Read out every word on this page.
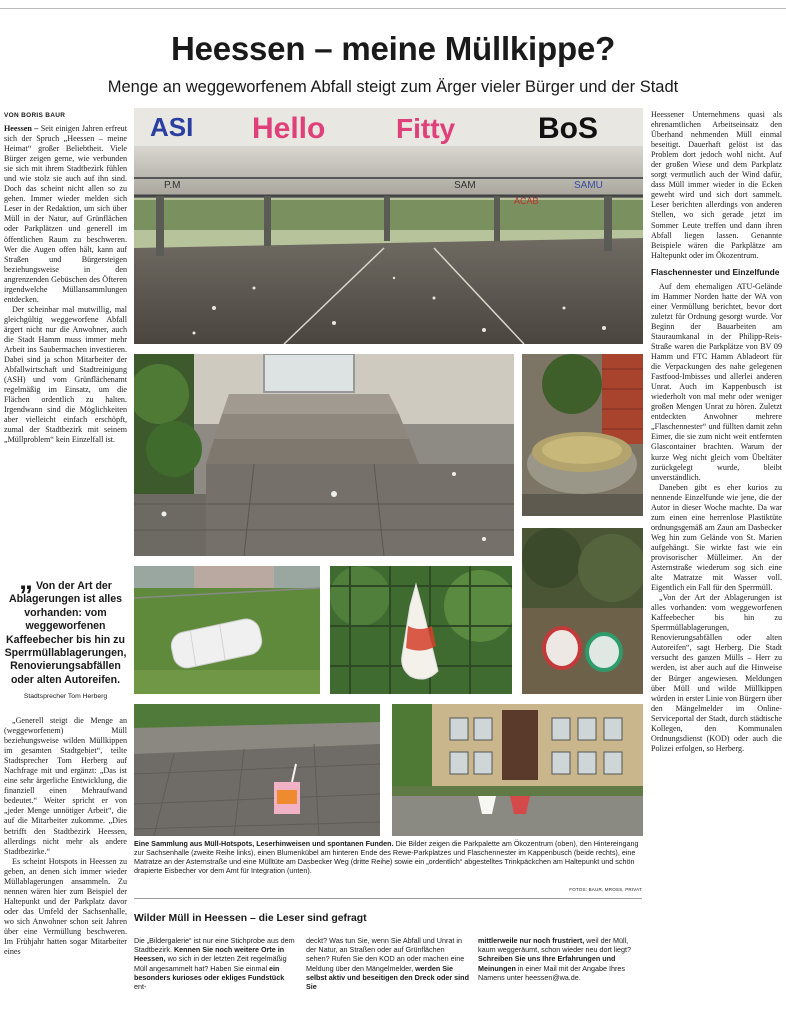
Heessen – meine Müllkippe?
Menge an weggeworfenem Abfall steigt zum Ärger vieler Bürger und der Stadt
VON BORIS BAUR

Heessen – Seit einigen Jahren erfreut sich der Spruch „Heessen – meine Heimat“ großer Beliebtheit. Viele Bürger zeigen gerne, wie verbunden sie sich mit ihrem Stadtbezirk fühlen und wie stolz sie auch auf ihn sind. Doch das scheint nicht allen so zu gehen. Immer wieder melden sich Leser in der Redaktion, um sich über Müll in der Natur, auf Grünflächen oder Parkplätzen und generell im öffentlichen Raum zu beschweren. Wer die Augen offen hält, kann auf Straßen und Bürgersteigen beziehungsweise in den angrenzenden Gebüschen des Öfteren irgendwelche Müllansammlungen entdecken.

Der scheinbar mal mutwillig, mal gleichgültig weggeworfene Abfall ärgert nicht nur die Anwohner, auch die Stadt Hamm muss immer mehr Arbeit ins Saubermachen investieren. Dabei sind ja schon Mitarbeiter der Abfallwirtschaft und Stadtreinigung (ASH) und vom Grünflächenamt regelmäßig im Einsatz, um die Flächen ordentlich zu halten. Irgendwann sind die Möglichkeiten aber vielleicht einfach erschöpft, zumal der Stadtbezirk mit seinem „Müllproblem“ kein Einzelfall ist.

„ Von der Art der Ablagerungen ist alles vorhanden: vom weggeworfenen Kaffeebecher bis hin zu Sperrmüllablagerungen, Renovierungsabfällen oder alten Autoreifen.
Stadtsprecher Tom Herberg

„Generell steigt die Menge an (weggeworfenem) Müll beziehungsweise wilden Müllkippen im gesamten Stadtgebiet“, teilte Stadtsprecher Tom Herberg auf Nachfrage mit und ergänzt: „Das ist eine sehr ärgerliche Entwicklung, die finanziell einen Mehraufwand bedeutet.“ Weiter spricht er von „jeder Menge unnötiger Arbeit“, die auf die Mitarbeiter zukomme. „Dies betrifft den Stadtbezirk Heessen, allerdings nicht mehr als andere Stadtbezirke.“

Es scheint Hotspots in Heessen zu geben, an denen sich immer wieder Müllablagerungen ansammeln. Zu nennen wären hier zum Beispiel der Haltepunkt und der Parkplatz davor oder das Umfeld der Sachsenhalle, wo sich Anwohner schon seit Jahren über eine Vermüllung beschweren. Im Frühjahr hatten sogar Mitarbeiter eines

ASI Hello	Fitty	BoS
P.M	SAM	SAMU
ACAB
Eine Sammlung aus Müll-Hotspots, Leserhinweisen und spontanen Funden. Die Bilder zeigen die Parkpalette am Ökozentrum (oben), den Hintereingang zur Sachsenhalle (zweite Reihe links), einen Blumenkübel am hinteren Ende des Rewe-Parkplatzes und Flaschennester im Kappenbusch (beide rechts), eine Matratze an der Asternstraße und eine Mülltüte am Dasbecker Weg (dritte Reihe) sowie ein „ordentlich“ abgestelltes Trinkpäckchen am Haltepunkt und schön drapierte Eisbecher vor dem Amt für Integration (unten).
FOTOS: BAUR, MROSS, PRIVAT
Wilder Müll in Heessen – die Leser sind gefragt
Die „Bildergalerie“ ist nur eine Stichprobe aus dem Stadtbezirk. Kennen Sie noch weitere Orte in Heessen, wo sich in der letzten Zeit regelmäßig Müll angesammelt hat? Haben Sie einmal ein besonders kurioses oder ekliges Fundstück ent-
deckt? Was tun Sie, wenn Sie Abfall und Unrat in der Natur, an Straßen oder auf Grünflächen sehen? Rufen Sie den KOD an oder machen eine Meldung über den Mängelmelder, werden Sie selbst aktiv und beseitigen den Dreck oder sind Sie
mittlerweile nur noch frustriert, weil der Müll, kaum weggeräumt, schon wieder neu dort liegt? Schreiben Sie uns Ihre Erfahrungen und Meinungen in einer Mail mit der Angabe Ihres Namens unter heessen@wa.de.

Heessener Unternehmens quasi als ehrenamtlichen Arbeitseinsatz den Überhand nehmenden Müll einmal beseitigt. Dauerhaft gelöst ist das Problem dort jedoch wohl nicht. Auf der großen Wiese und dem Parkplatz sorgt vermutlich auch der Wind dafür, dass Müll immer wieder in die Ecken geweht wird und sich dort sammelt. Leser berichten allerdings von anderen Stellen, wo sich gerade jetzt im Sommer Leute treffen und dann ihren Abfall liegen lassen. Genannte Beispiele wären die Parkplätze am Haltepunkt oder im Ökozentrum.

Flaschennester und Einzelfunde

Auf dem ehemaligen ATU-Gelände im Hammer Norden hatte der WA von einer Vermüllung berichtet, bevor dort zuletzt für Ordnung gesorgt wurde. Vor Beginn der Bauarbeiten am Stauraumkanal in der Philipp-Reis-Straße waren die Parkplätze von BV 09 Hamm und FTC Hamm Abladeort für die Verpackungen des nahe gelegenen Fastfood-Imbisses und allerlei anderen Unrat. Auch im Kappenbusch ist wiederholt von mal mehr oder weniger großen Mengen Unrat zu hören. Zuletzt entdeckten Anwohner mehrere „Flaschennester“ und füllten damit zehn Eimer, die sie zum nicht weit entfernten Glascontainer brachten. Warum der kurze Weg nicht gleich vom Übeltäter zurückgelegt wurde, bleibt unverständlich.

Daneben gibt es eher kurios zu nennende Einzelfunde wie jene, die der Autor in dieser Woche machte. Da war zum einen eine herrenlose Plastiktüte ordnungsgemäß am Zaun am Dasbecker Weg hin zum Gelände von St. Marien aufgehängt. Sie wirkte fast wie ein provisorischer Mülleimer. An der Asternstraße wiederum sog sich eine alte Matratze mit Wasser voll. Eigentlich ein Fall für den Sperrmüll.

„Von der Art der Ablagerungen ist alles vorhanden: vom weggeworfenen Kaffeebecher bis hin zu Sperrmüllablagerungen, Renovierungsabfällen oder alten Autoreifen“, sagt Herberg. Die Stadt versucht des ganzen Mülls – Herr zu werden, ist aber auch auf die Hinweise der Bürger angewiesen. Meldungen über Müll und wilde Müllkippen würden in erster Linie von Bürgern über den Mängelmelder im Online-Serviceportal der Stadt, durch städtische Kollegen, den Kommunalen Ordnungsdienst (KOD) oder auch die Polizei erfolgen, so Herberg.
